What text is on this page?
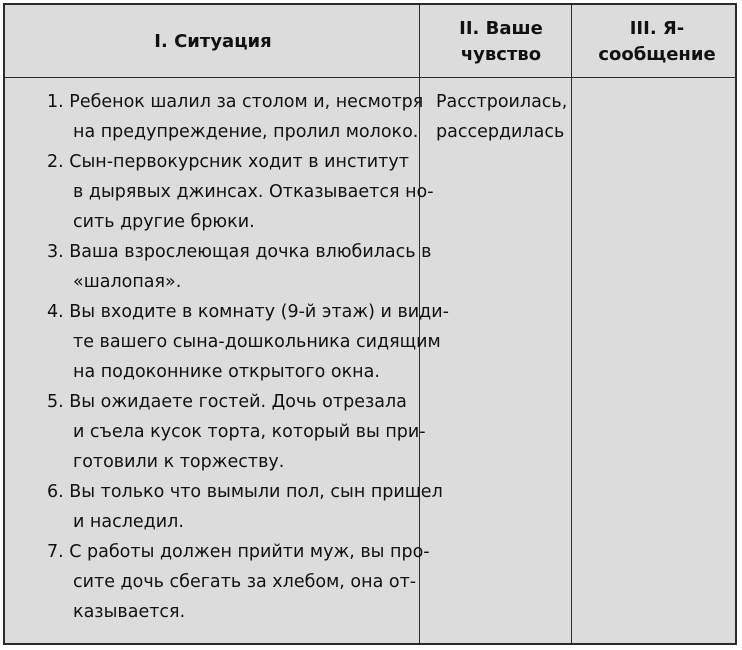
I. Ситуация
II. Ваше чувство
III. Я-сообщение
1. Ребенок шалил за столом и, несмотря
на предупреждение, пролил молоко.
2. Сын-первокурсник ходит в институт
в дырявых джинсах. Отказывается но-
сить другие брюки.
3. Ваша взрослеющая дочка влюбилась в
«шалопая».
4. Вы входите в комнату (9-й этаж) и види-
те вашего сына-дошкольника сидящим
на подоконнике открытого окна.
5. Вы ожидаете гостей. Дочь отрезала
и съела кусок торта, который вы при-
готовили к торжеству.
6. Вы только что вымыли пол, сын пришел
и наследил.
7. С работы должен прийти муж, вы про-
сите дочь сбегать за хлебом, она от-
казывается.
Расстроилась,
рассердилась
